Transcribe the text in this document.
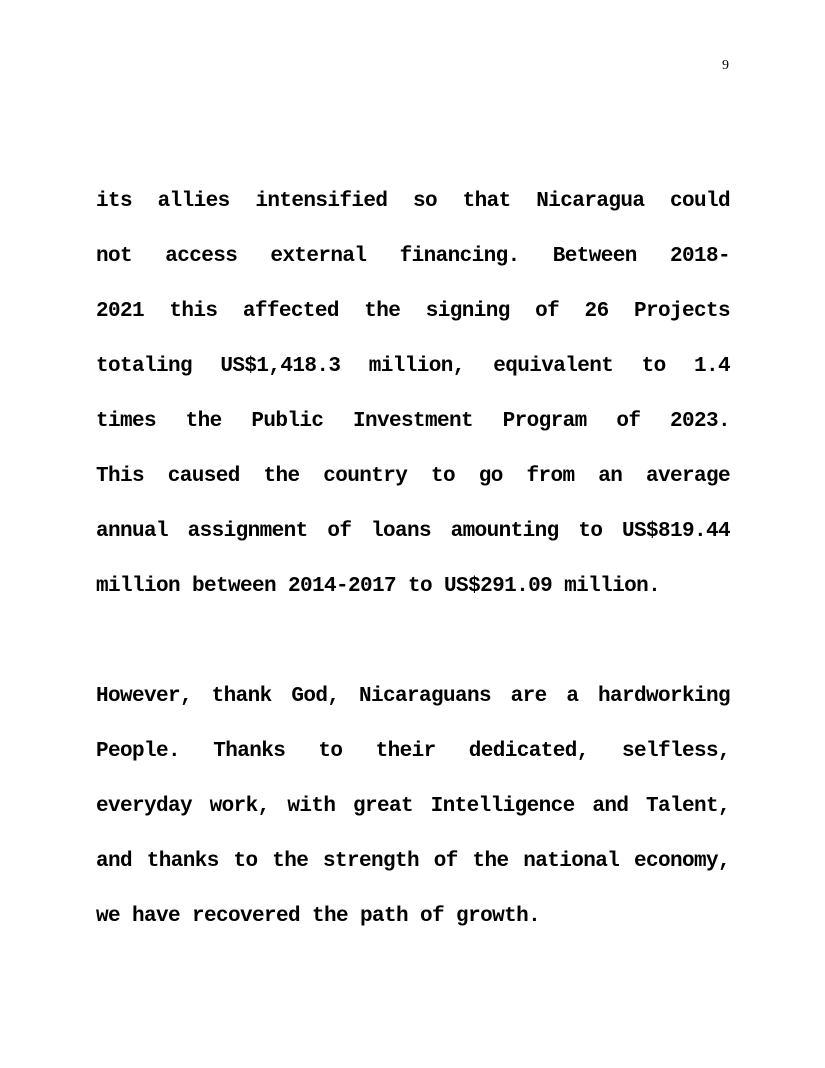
9
its allies intensified so that Nicaragua could
not access external financing. Between 2018-
2021 this affected the signing of 26 Projects
totaling US$1,418.3 million, equivalent to 1.4
times the Public Investment Program of 2023.
This caused the country to go from an average
annual assignment of loans amounting to US$819.44
million between 2014-2017 to US$291.09 million.
However, thank God, Nicaraguans are a hardworking
People. Thanks to their dedicated, selfless,
everyday work, with great Intelligence and Talent,
and thanks to the strength of the national economy,
we have recovered the path of growth.
